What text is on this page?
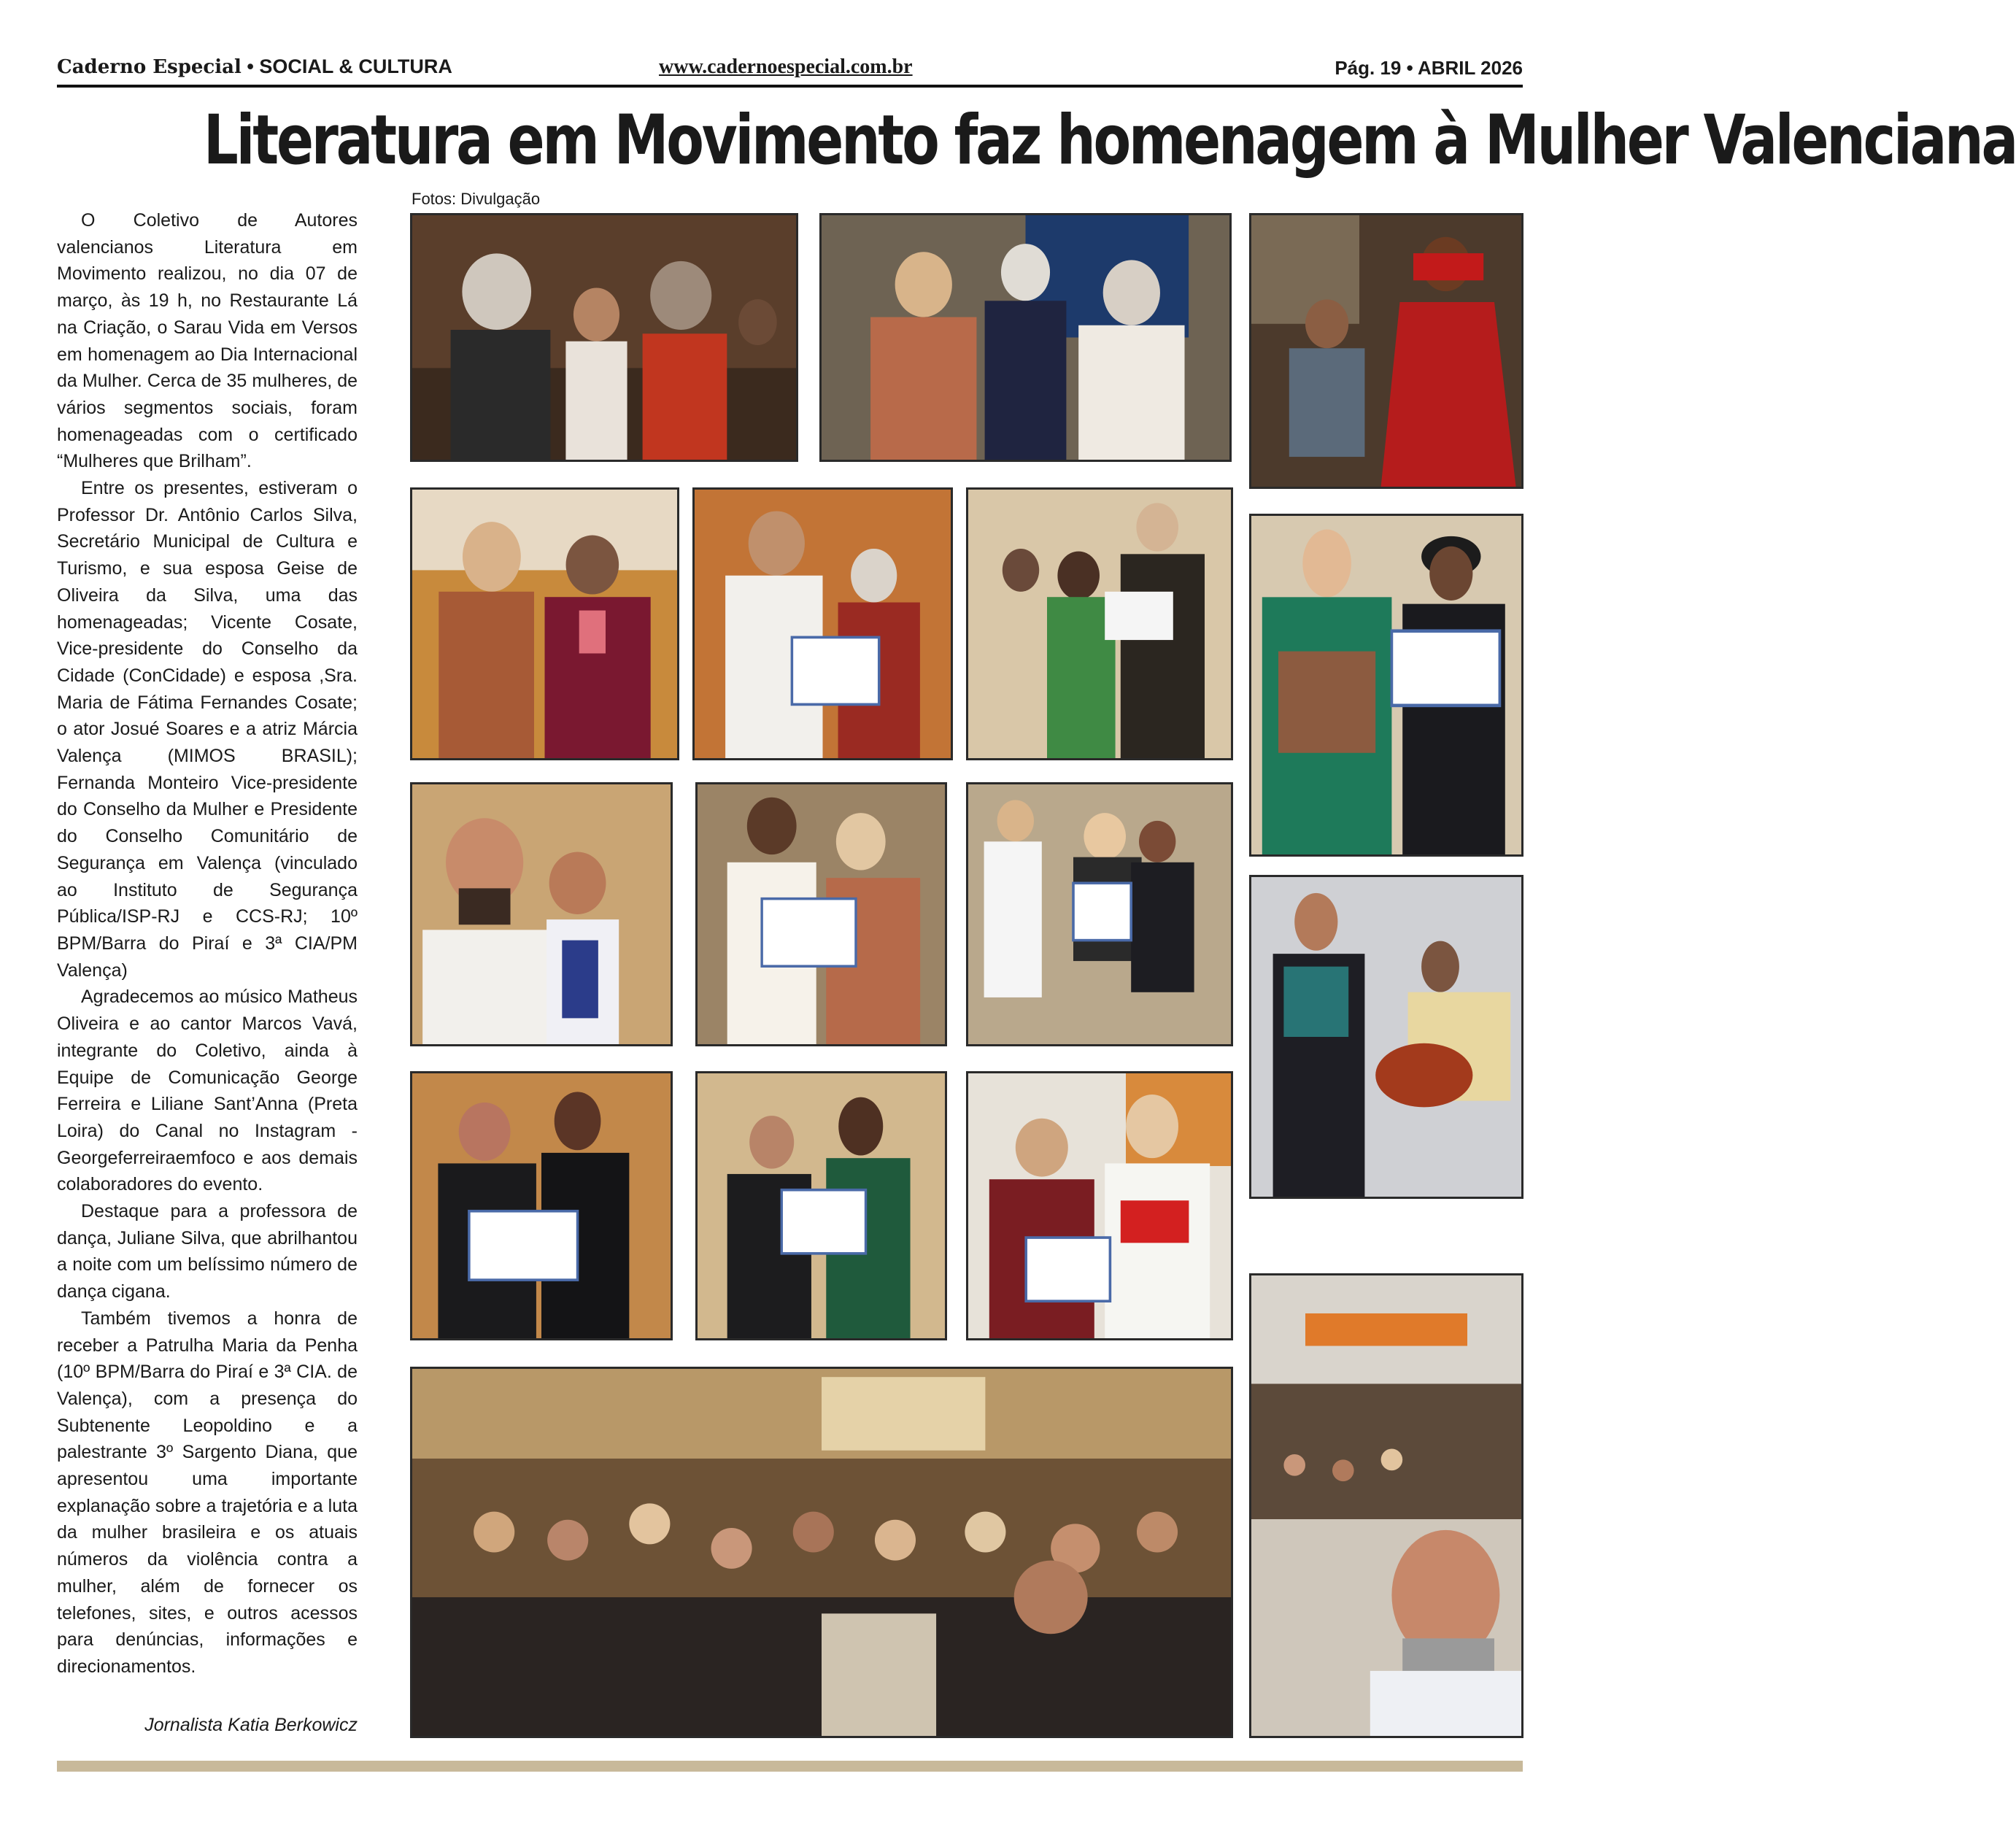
Caderno Especial • SOCIAL & CULTURA	www.cadernoespecial.com.br	Pág. 19 • ABRIL 2026
Literatura em Movimento faz homenagem à Mulher Valenciana
Fotos: Divulgação

O Coletivo de Autores valencianos Literatura em Movimento realizou, no dia 07 de março, às 19 h, no Restaurante Lá na Criação, o Sarau Vida em Versos em homenagem ao Dia Internacional da Mulher. Cerca de 35 mulheres, de vários segmentos sociais, foram homenageadas com o certificado “Mulheres que Brilham”.

Entre os presentes, estiveram o Professor Dr. Antônio Carlos Silva, Secretário Municipal de Cultura e Turismo, e sua esposa Geise de Oliveira da Silva, uma das homenageadas; Vicente Cosate, Vice-presidente do Conselho da Cidade (ConCidade) e esposa ,Sra. Maria de Fátima Fernandes Cosate; o ator Josué Soares e a atriz Márcia Valença (MIMOS BRASIL); Fernanda Monteiro Vice-presidente do Conselho da Mulher e Presidente do Conselho Comunitário de Segurança em Valença (vinculado ao Instituto de Segurança Pública/ISP-RJ e CCS-RJ; 10º BPM/Barra do Piraí e 3ª CIA/PM Valença)

Agradecemos ao músico Matheus Oliveira e ao cantor Marcos Vavá, integrante do Coletivo, ainda à Equipe de Comunicação George Ferreira e Liliane Sant’Anna (Preta Loira) do Canal no Instagram - Georgeferreiraemfoco e aos demais colaboradores do evento.

Destaque para a professora de dança, Juliane Silva, que abrilhantou a noite com um belíssimo número de dança cigana.

Também tivemos a honra de receber a Patrulha Maria da Penha (10º BPM/Barra do Piraí e 3ª CIA. de Valença), com a presença do Subtenente Leopoldino e a palestrante 3º Sargento Diana, que apresentou uma importante explanação sobre a trajetória e a luta da mulher brasileira e os atuais números da violência contra a mulher, além de fornecer os telefones, sites, e outros acessos para denúncias, informações e direcionamentos.

Jornalista Katia Berkowicz
